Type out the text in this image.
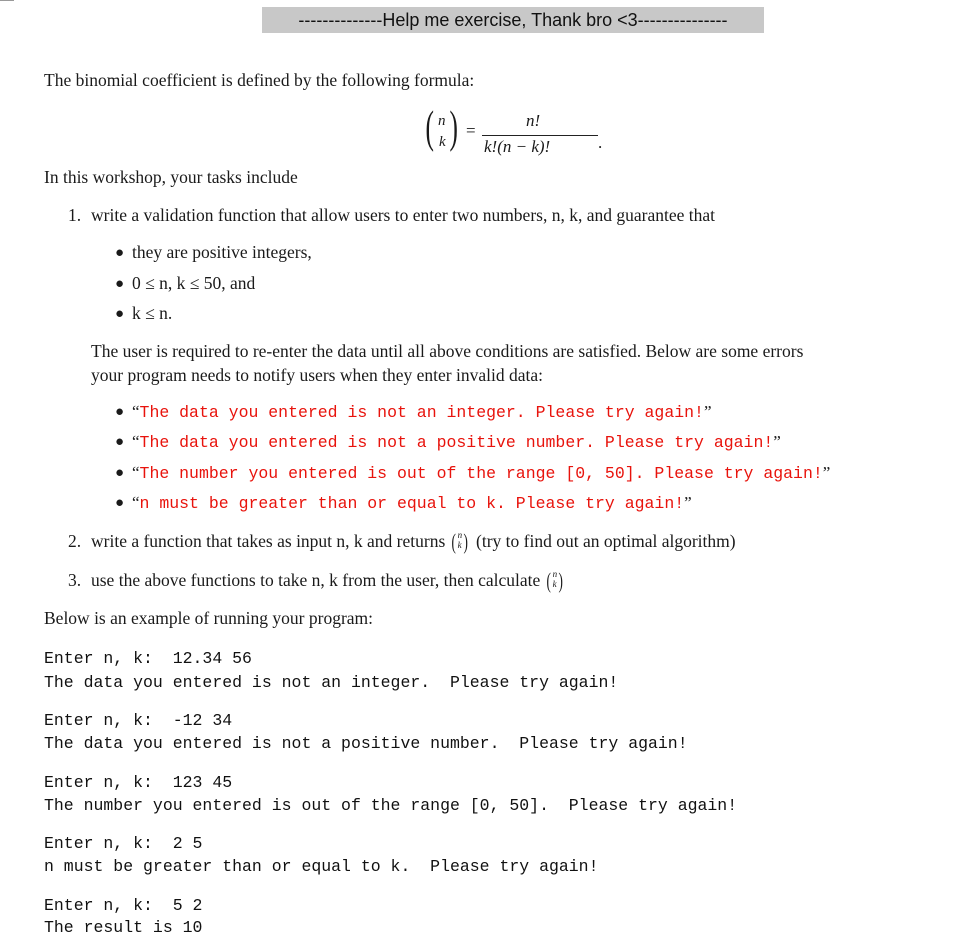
--------------Help me exercise, Thank bro <3---------------
The binomial coefficient is defined by the following formula:
( n
k ) =
n!
k!(n − k)!	.
In this workshop, your tasks include
1. write a validation function that allow users to enter two numbers, n, k, and guarantee that
● they are positive integers,
● 0 ≤ n, k ≤ 50, and
● k ≤ n.
The user is required to re-enter the data until all above conditions are satisfied. Below are some errors
your program needs to notify users when they enter invalid data:
● “The data you entered is not an integer. Please try again!”
● “The data you entered is not a positive number. Please try again!”
● “The number you entered is out of the range [0, 50]. Please try again!”
● “n must be greater than or equal to k. Please try again!”
2. write a function that takes as input n, k and returns ( n
k ) (try to find out an optimal algorithm)
3. use the above functions to take n, k from the user, then calculate ( n
k )
Below is an example of running your program:
Enter n, k:  12.34 56
The data you entered is not an integer.  Please try again!
Enter n, k:  -12 34
The data you entered is not a positive number.  Please try again!
Enter n, k:  123 45
The number you entered is out of the range [0, 50].  Please try again!
Enter n, k:  2 5
n must be greater than or equal to k.  Please try again!
Enter n, k:  5 2
The result is 10
